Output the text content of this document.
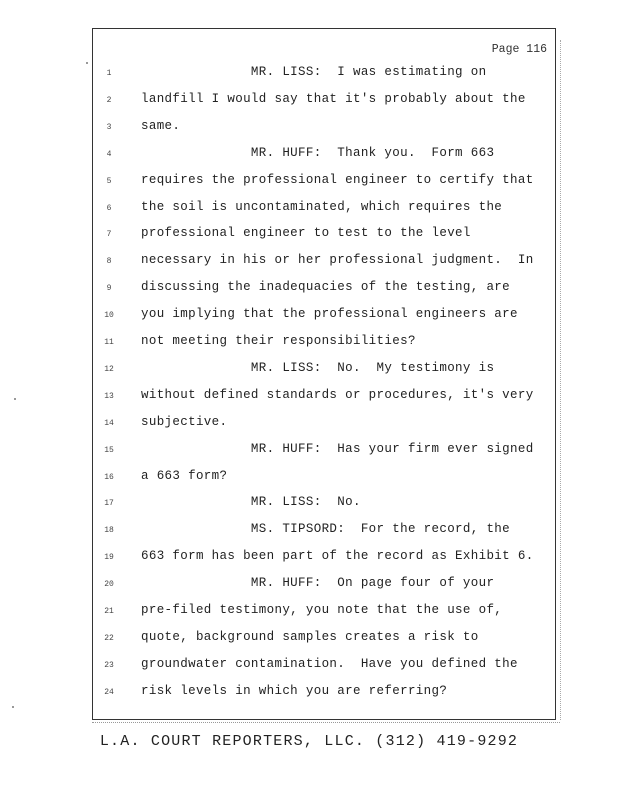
Page 116
1	MR. LISS:  I was estimating on
2	landfill I would say that it's probably about the
3	same.
4	MR. HUFF:  Thank you.  Form 663
5	requires the professional engineer to certify that
6	the soil is uncontaminated, which requires the
7	professional engineer to test to the level
8	necessary in his or her professional judgment.  In
9	discussing the inadequacies of the testing, are
10	you implying that the professional engineers are
11	not meeting their responsibilities?
12	MR. LISS:  No.  My testimony is
13	without defined standards or procedures, it's very
14	subjective.
15	MR. HUFF:  Has your firm ever signed
16	a 663 form?
17	MR. LISS:  No.
18	MS. TIPSORD:  For the record, the
19	663 form has been part of the record as Exhibit 6.
20	MR. HUFF:  On page four of your
21	pre-filed testimony, you note that the use of,
22	quote, background samples creates a risk to
23	groundwater contamination.  Have you defined the
24	risk levels in which you are referring?
L.A. COURT REPORTERS, LLC. (312) 419-9292
